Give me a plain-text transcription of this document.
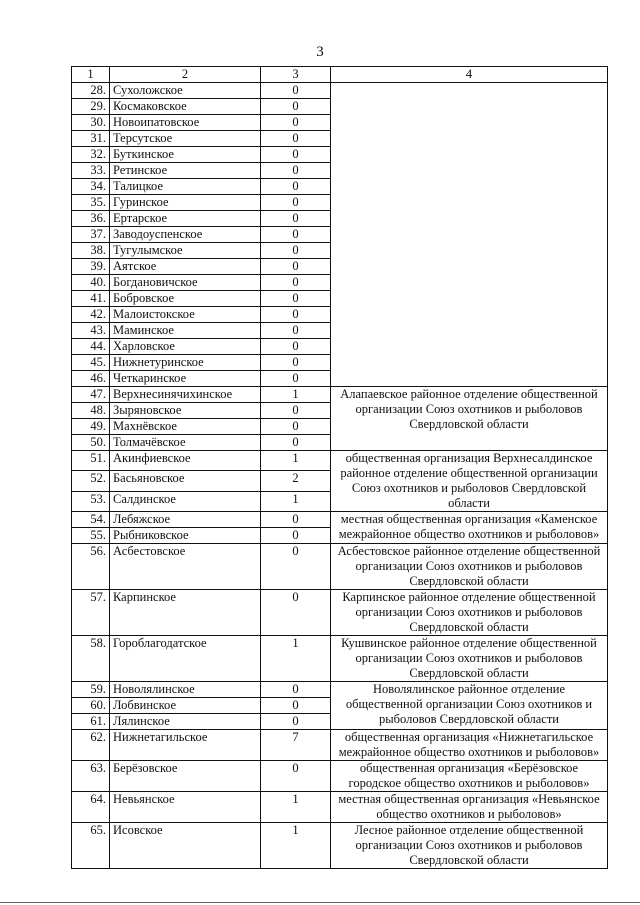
3
1	2	3	4
28.	Сухоложское	0	
29.	Космаковское	0	
30.	Новоипатовское	0	
31.	Терсутское	0	
32.	Буткинское	0	
33.	Ретинское	0	
34.	Талицкое	0	
35.	Гуринское	0	
36.	Ертарское	0	
37.	Заводоуспенское	0	
38.	Тугулымское	0	
39.	Аятское	0	
40.	Богдановичское	0	
41.	Бобровское	0	
42.	Малоистокское	0	
43.	Маминское	0	
44.	Харловское	0	
45.	Нижнетуринское	0	
46.	Четкаринское	0	
47.	Верхнесинячихинское	1	Алапаевское районное отделение общественной организации Союз охотников и рыболовов Свердловской области
48.	Зыряновское	0	
49.	Махнёвское	0	
50.	Толмачёвское	0	
51.	Акинфиевское	1	общественная организация Верхнесалдинское районное отделение общественной организации Союз охотников и рыболовов Свердловской области
52.	Басьяновское	2	
53.	Салдинское	1	
54.	Лебяжское	0	местная общественная организация «Каменское межрайонное общество охотников и рыболовов»
55.	Рыбниковское	0	
56.	Асбестовское	0	Асбестовское районное отделение общественной организации Союз охотников и рыболовов Свердловской области
57.	Карпинское	0	Карпинское районное отделение общественной организации Союз охотников и рыболовов Свердловской области
58.	Гороблагодатское	1	Кушвинское районное отделение общественной организации Союз охотников и рыболовов Свердловской области
59.	Новолялинское	0	Новолялинское районное отделение общественной организации Союз охотников и рыболовов Свердловской области
60.	Лобвинское	0	
61.	Лялинское	0	
62.	Нижнетагильское	7	общественная организация «Нижнетагильское межрайонное общество охотников и рыболовов»
63.	Берёзовское	0	общественная организация «Берёзовское городское общество охотников и рыболовов»
64.	Невьянское	1	местная общественная организация «Невьянское общество охотников и рыболовов»
65.	Исовское	1	Лесное районное отделение общественной организации Союз охотников и рыболовов Свердловской области
